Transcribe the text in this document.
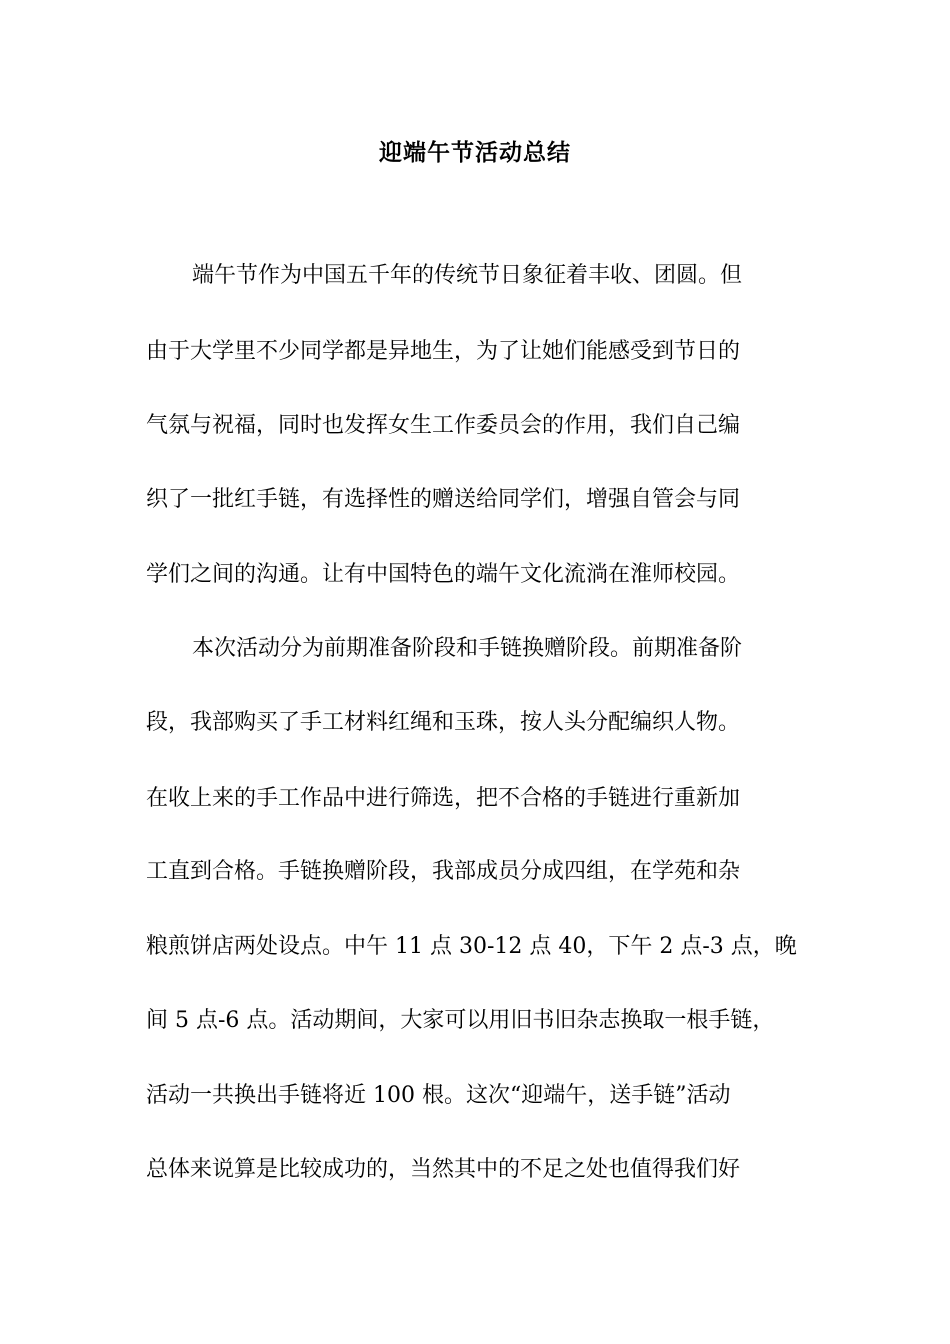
迎端午节活动总结
端午节作为中国五千年的传统节日象征着丰收、团圆。但
由于大学里不少同学都是异地生，为了让她们能感受到节日的
气氛与祝福，同时也发挥女生工作委员会的作用，我们自己编
织了一批红手链，有选择性的赠送给同学们，增强自管会与同
学们之间的沟通。让有中国特色的端午文化流淌在淮师校园。
本次活动分为前期准备阶段和手链换赠阶段。前期准备阶
段，我部购买了手工材料红绳和玉珠，按人头分配编织人物。
在收上来的手工作品中进行筛选，把不合格的手链进行重新加
工直到合格。手链换赠阶段，我部成员分成四组，在学苑和杂
粮煎饼店两处设点。中午 11 点 30-12 点 40，下午 2 点-3 点，晚
间 5 点-6 点。活动期间，大家可以用旧书旧杂志换取一根手链，
活动一共换出手链将近 100 根。这次“迎端午，送手链”活动
总体来说算是比较成功的，当然其中的不足之处也值得我们好
